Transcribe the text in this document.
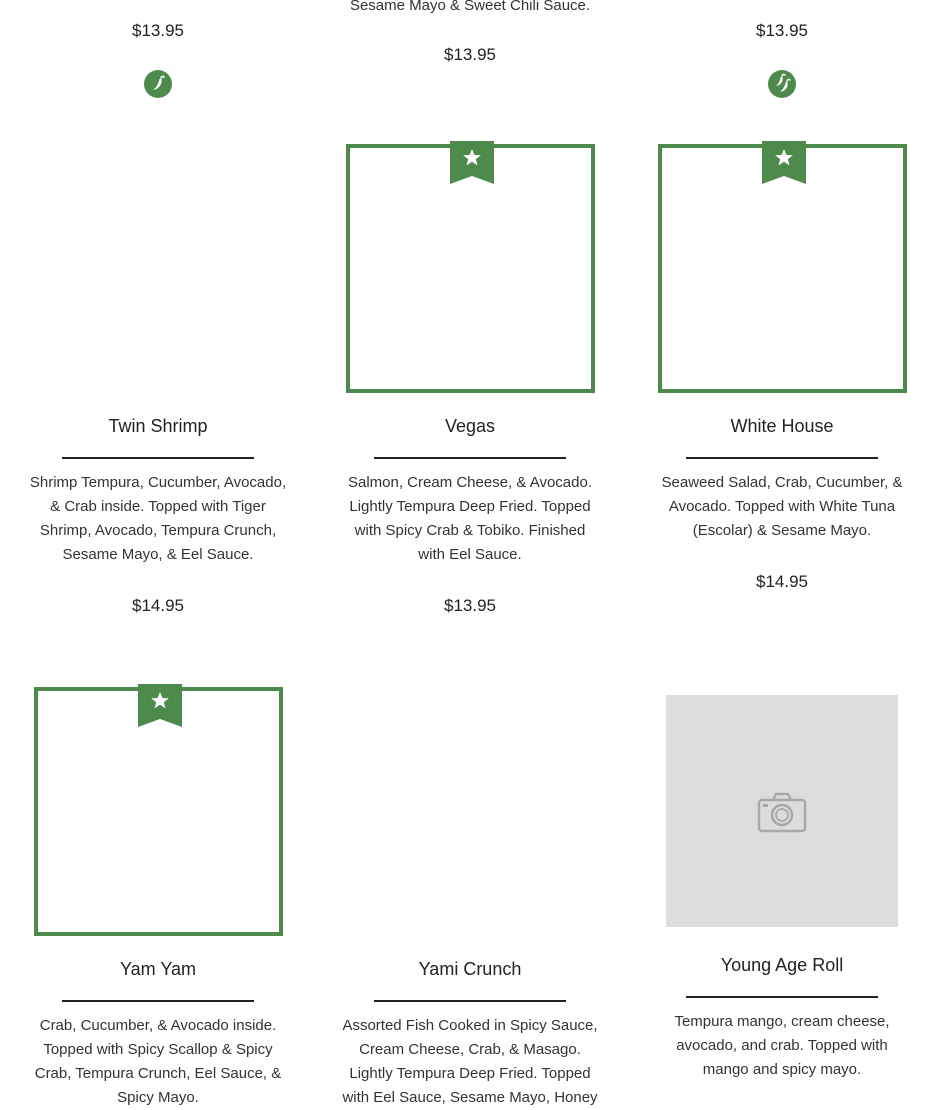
$13.95
Twin Shrimp
Shrimp Tempura, Cucumber, Avocado, & Crab inside. Topped with Tiger Shrimp, Avocado, Tempura Crunch, Sesame Mayo, & Eel Sauce.
$14.95
Yam Yam
Crab, Cucumber, & Avocado inside. Topped with Spicy Scallop & Spicy Crab, Tempura Crunch, Eel Sauce, & Spicy Mayo.
Sesame Mayo & Sweet Chili Sauce.
$13.95
Vegas
Salmon, Cream Cheese, & Avocado. Lightly Tempura Deep Fried. Topped with Spicy Crab & Tobiko. Finished with Eel Sauce.
$13.95
Yami Crunch
Assorted Fish Cooked in Spicy Sauce, Cream Cheese, Crab, & Masago. Lightly Tempura Deep Fried. Topped with Eel Sauce, Sesame Mayo, Honey
$13.95
White House
Seaweed Salad, Crab, Cucumber, & Avocado. Topped with White Tuna (Escolar) & Sesame Mayo.
$14.95
Young Age Roll
Tempura mango, cream cheese, avocado, and crab. Topped with mango and spicy mayo.
